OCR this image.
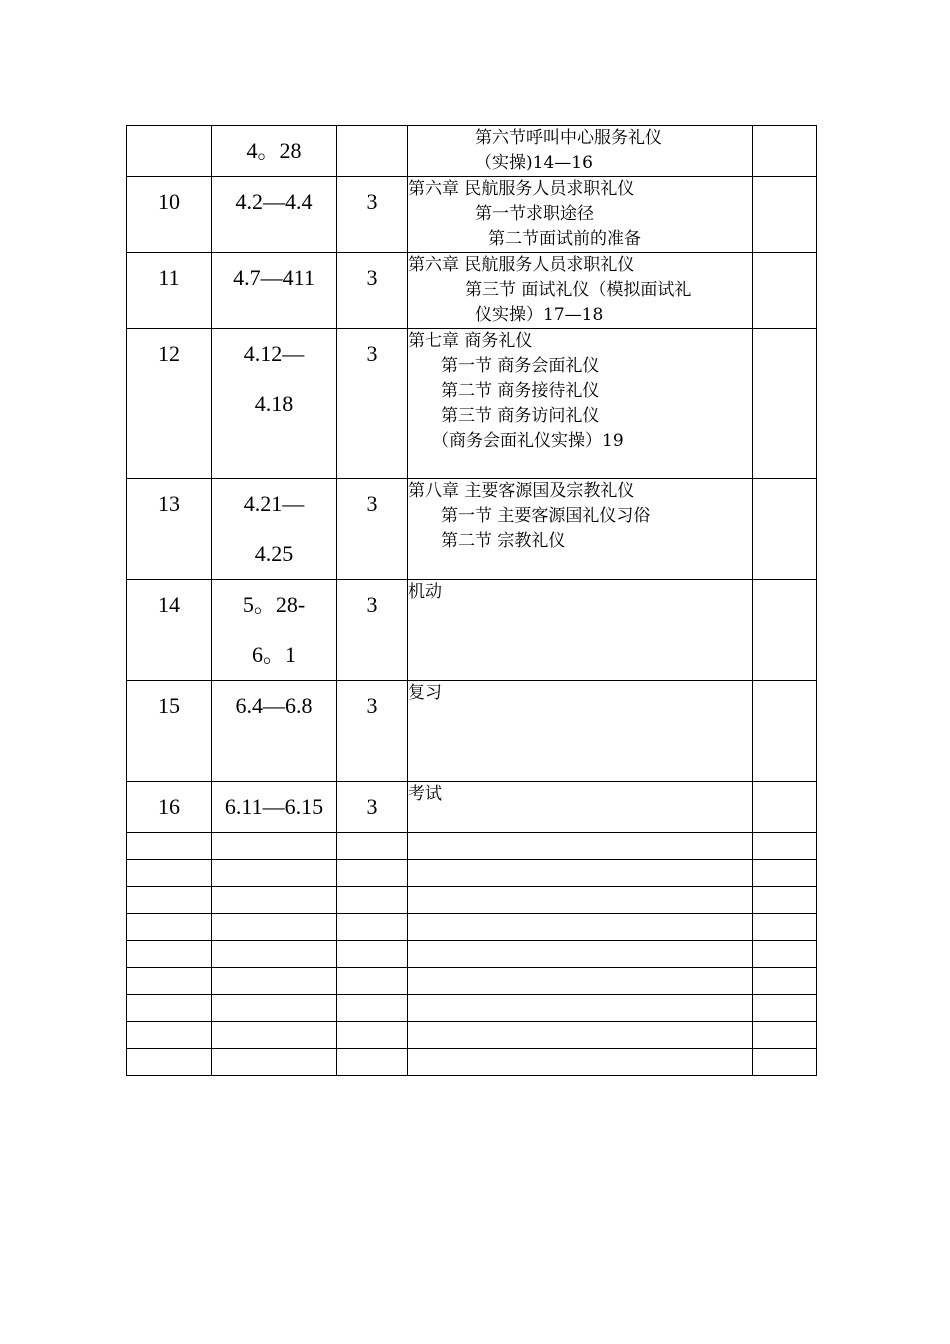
	4。28		第六节呼叫中心服务礼仪
（实操)14—16	

10	4.2—4.4	3	第六章 民航服务人员求职礼仪
第一节求职途径
第二节面试前的准备	

11	4.7—411	3	第六章 民航服务人员求职礼仪
第三节 面试礼仪（模拟面试礼
仪实操）17—18	

12	4.12—
4.18	3	第七章 商务礼仪
第一节 商务会面礼仪
第二节 商务接待礼仪
第三节 商务访问礼仪
（商务会面礼仪实操）19	

13	4.21—
4.25	3	第八章 主要客源国及宗教礼仪
第一节 主要客源国礼仪习俗
第二节 宗教礼仪	

14	5。28-
6。1	3	机动	

15	6.4—6.8	3	复习	

16	6.11—6.15	3	考试	
